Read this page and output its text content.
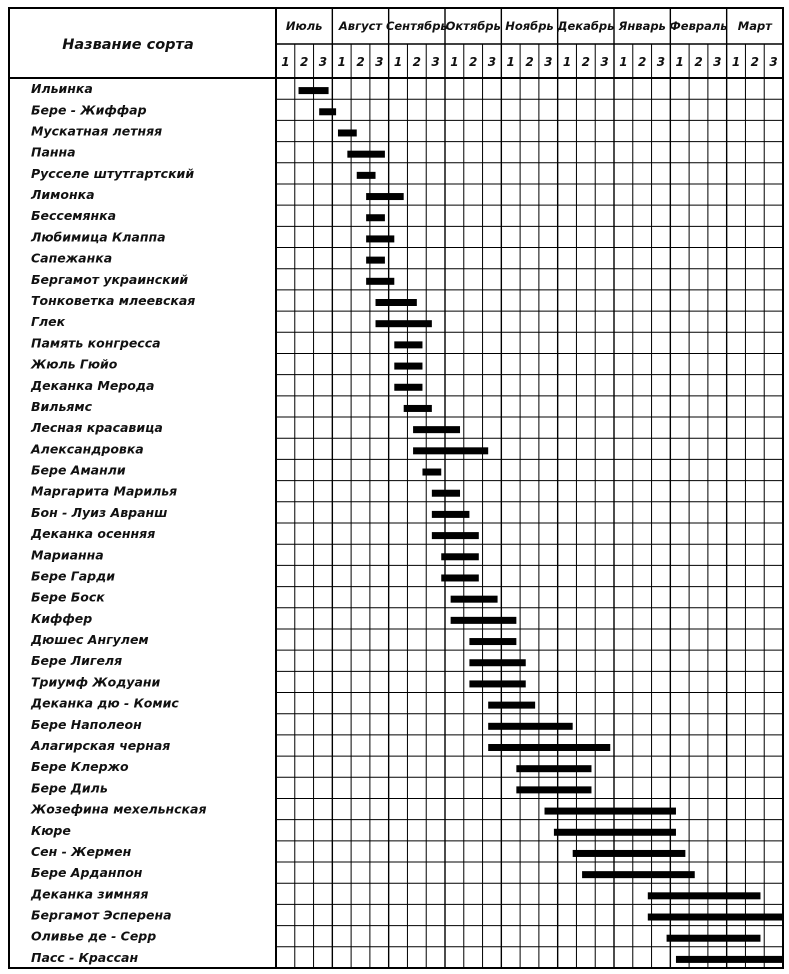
Июль Август Сентябрь
Октябрь Ноябрь Декабрь Январь Февраль Март
1 2 3 1 2 3 1 2 3 1 2 3 1 2 3 1 2 3 1 2 3 1 2 3 1 2 3
Ильинка
Бере - Жиффар
Мускатная летняя
Панна
Русселе штутгартский
Лимонка
Бессемянка
Любимица Клаппа
Сапежанка
Бергамот украинский
Тонковетка млеевская
Глек
Память конгресса
Жюль Гюйо
Деканка Мерода
Вильямс
Лесная красавица
Александровка
Бере Аманли
Маргарита Марилья
Бон - Луиз Авранш
Деканка осенняя
Марианна
Бере Гарди
Бере Боск
Киффер
Дюшес Ангулем
Бере Лигеля
Триумф Жодуани
Деканка дю - Комис
Бере Наполеон
Алагирская черная
Бере Клержо
Бере Диль
Жозефина мехельнская
Кюре
Сен - Жермен
Бере Арданпон
Деканка зимняя
Бергамот Эсперена
Оливье де - Серр
Пасс - Крассан
Название сорта
